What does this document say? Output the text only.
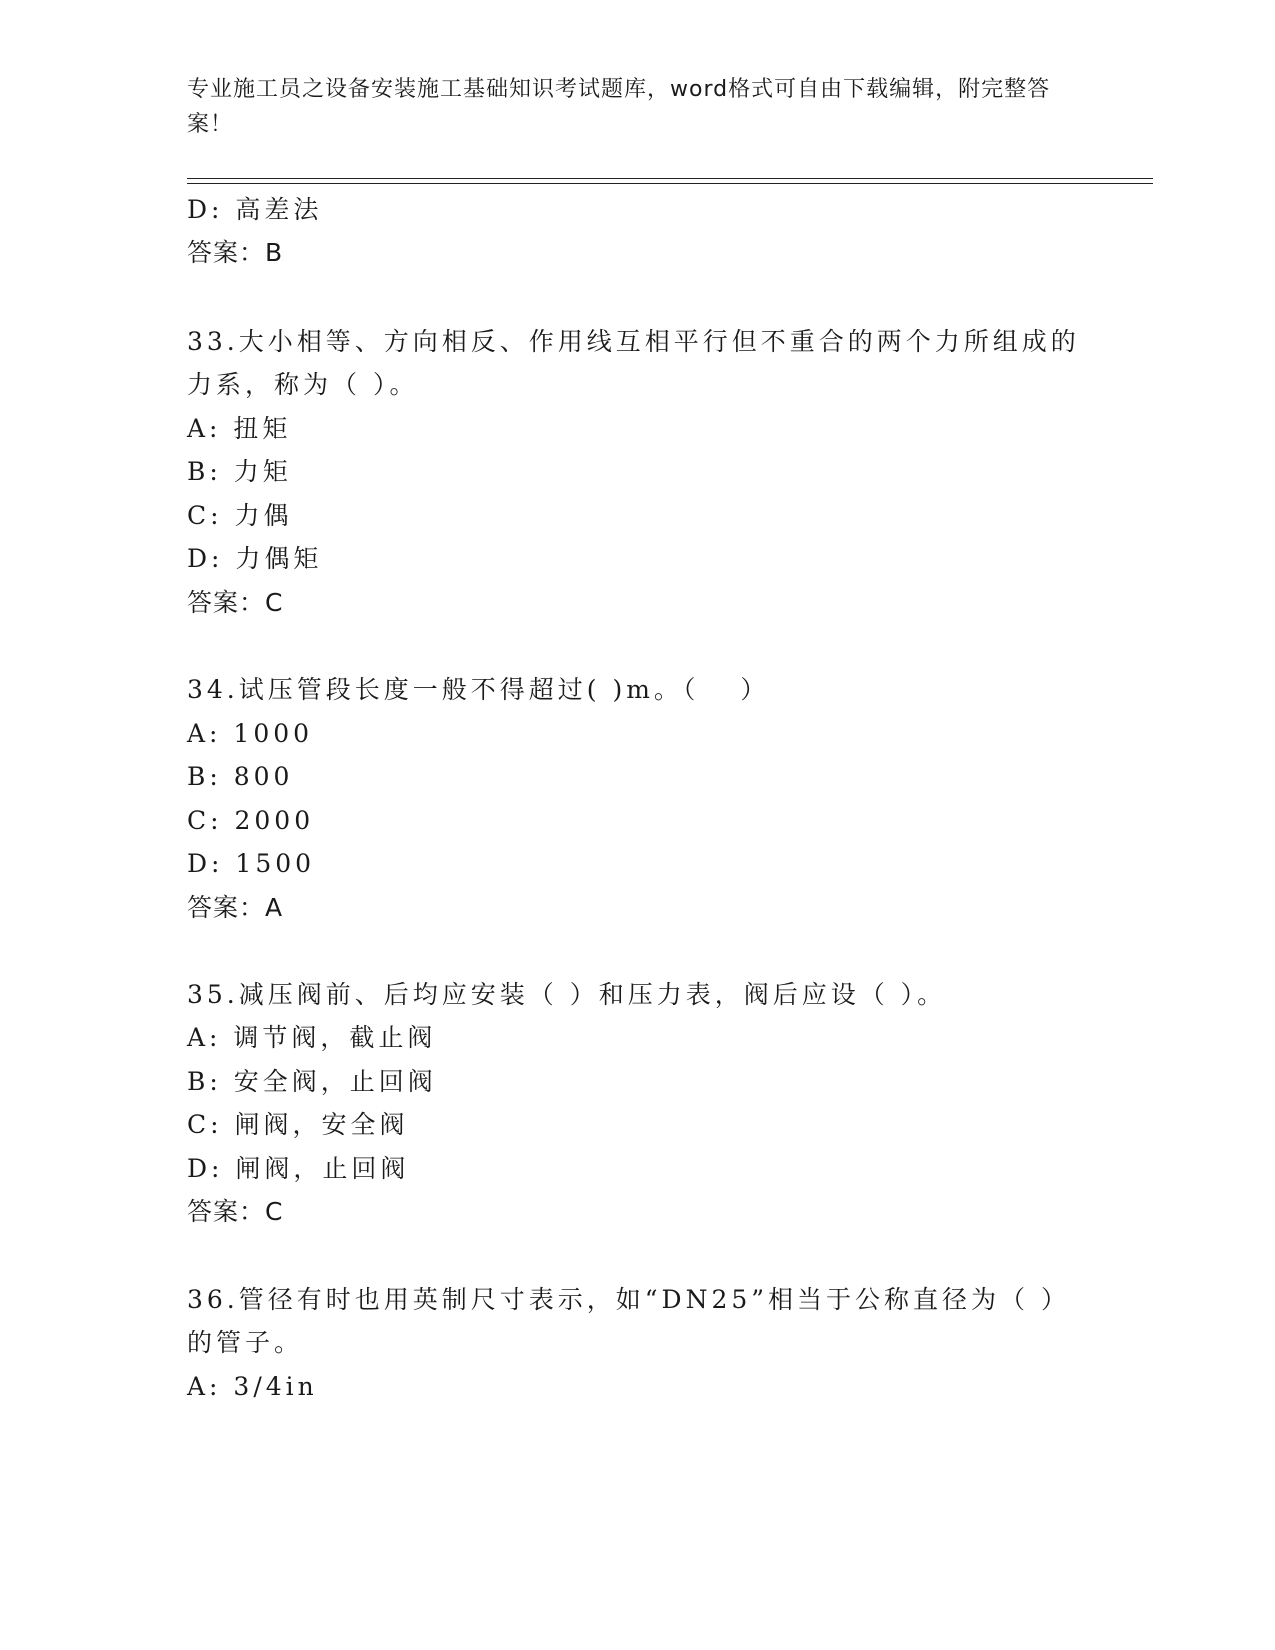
专业施工员之设备安装施工基础知识考试题库，word格式可自由下载编辑，附完整答案！
D: 高差法
答案：B
33.大小相等、方向相反、作用线互相平行但不重合的两个力所组成的
力系，称为（ ）。
A: 扭矩
B: 力矩
C: 力偶
D: 力偶矩
答案：C
34.试压管段长度一般不得超过( )m。（　 ）
A: 1000
B: 800
C: 2000
D: 1500
答案：A
35.减压阀前、后均应安装（ ）和压力表，阀后应设（ ）。
A: 调节阀，截止阀
B: 安全阀，止回阀
C: 闸阀，安全阀
D: 闸阀，止回阀
答案：C
36.管径有时也用英制尺寸表示，如“DN25”相当于公称直径为（ ）
的管子。
A: 3/4in
